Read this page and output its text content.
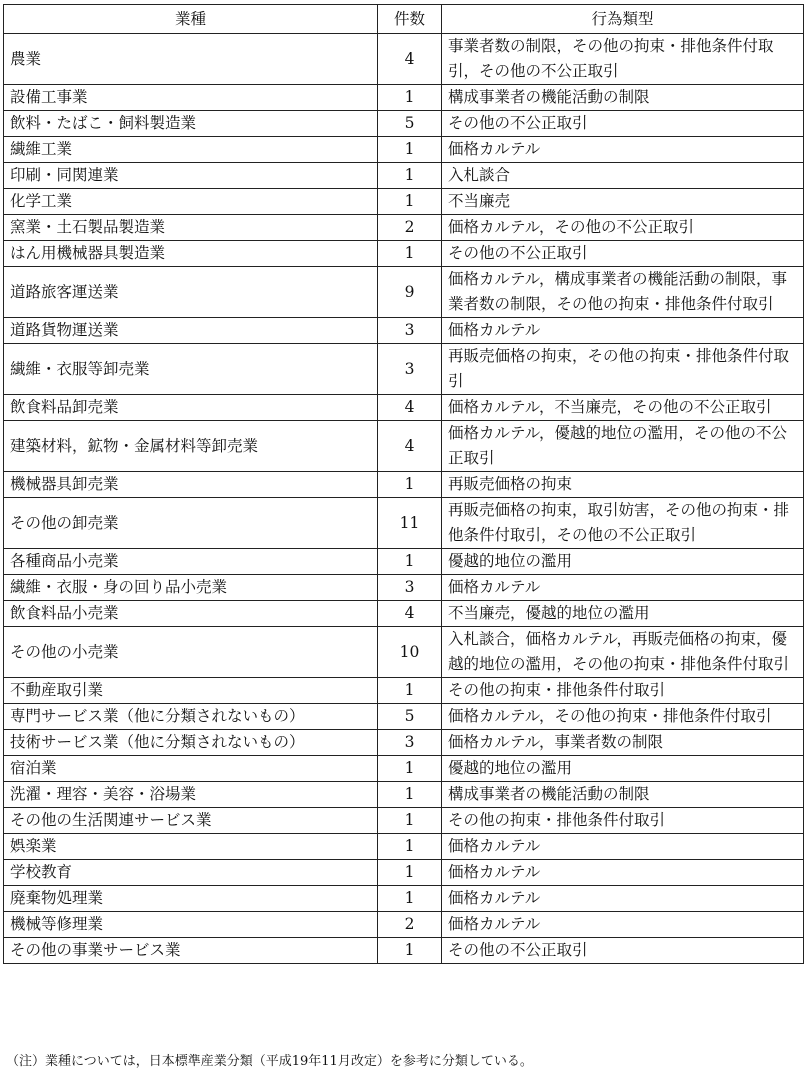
業種	件数	行為類型
農業	4	事業者数の制限，その他の拘束・排他条件付取引，その他の不公正取引
設備工事業	1	構成事業者の機能活動の制限
飲料・たばこ・飼料製造業	5	その他の不公正取引
繊維工業	1	価格カルテル
印刷・同関連業	1	入札談合
化学工業	1	不当廉売
窯業・土石製品製造業	2	価格カルテル，その他の不公正取引
はん用機械器具製造業	1	その他の不公正取引
道路旅客運送業	9	価格カルテル，構成事業者の機能活動の制限，事業者数の制限，その他の拘束・排他条件付取引
道路貨物運送業	3	価格カルテル
繊維・衣服等卸売業	3	再販売価格の拘束，その他の拘束・排他条件付取引
飲食料品卸売業	4	価格カルテル，不当廉売，その他の不公正取引
建築材料，鉱物・金属材料等卸売業	4	価格カルテル，優越的地位の濫用，その他の不公正取引
機械器具卸売業	1	再販売価格の拘束
その他の卸売業	11	再販売価格の拘束，取引妨害，その他の拘束・排他条件付取引，その他の不公正取引
各種商品小売業	1	優越的地位の濫用
繊維・衣服・身の回り品小売業	3	価格カルテル
飲食料品小売業	4	不当廉売，優越的地位の濫用
その他の小売業	10	入札談合，価格カルテル，再販売価格の拘束，優越的地位の濫用，その他の拘束・排他条件付取引
不動産取引業	1	その他の拘束・排他条件付取引
専門サービス業（他に分類されないもの）	5	価格カルテル，その他の拘束・排他条件付取引
技術サービス業（他に分類されないもの）	3	価格カルテル，事業者数の制限
宿泊業	1	優越的地位の濫用
洗濯・理容・美容・浴場業	1	構成事業者の機能活動の制限
その他の生活関連サービス業	1	その他の拘束・排他条件付取引
娯楽業	1	価格カルテル
学校教育	1	価格カルテル
廃棄物処理業	1	価格カルテル
機械等修理業	2	価格カルテル
その他の事業サービス業	1	その他の不公正取引
（注）業種については，日本標準産業分類（平成19年11月改定）を参考に分類している。
